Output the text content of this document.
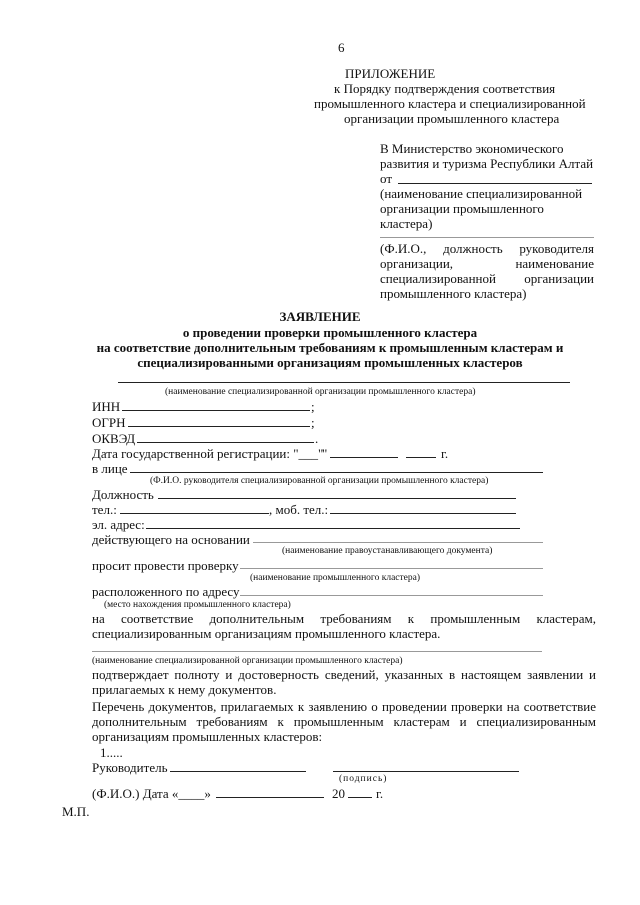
6
ПРИЛОЖЕНИЕ
к Порядку подтверждения соответствия
промышленного кластера и специализированной
организации промышленного кластера
В Министерство экономического
развития и туризма Республики Алтай
от
(наименование специализированной
организации промышленного
кластера)
(Ф.И.О., должность руководителя
организации,	наименование
специализированной организации
промышленного кластера)
ЗАЯВЛЕНИЕ
о проведении проверки промышленного кластера
на соответствие дополнительным требованиям к промышленным кластерам и
специализированными организациям промышленных кластеров
(наименование специализированной организации промышленного кластера)
ИНН	;
ОГРН	;
ОКВЭД	.
Дата государственной регистрации: "___"
"	г.
в лице
(Ф.И.О. руководителя специализированной организации промышленного кластера)
Должность
тел.:	, моб. тел.:
эл. адрес:
действующего на основании
(наименование правоустанавливающего документа)
просит провести проверку
(наименование промышленного кластера)
расположенного по адресу
(место нахождения промышленного кластера)
на соответствие дополнительным требованиям к промышленным кластерам,
специализированным организациям промышленного кластера.
(наименование специализированной организации промышленного кластера)
подтверждает полноту и достоверность сведений, указанных в настоящем заявлении и прилагаемых к нему документов.
Перечень документов, прилагаемых к заявлению о проведении проверки на соответствие дополнительным требованиям к промышленным кластерам и специализированным организациям промышленных кластеров:
1.....
Руководитель
(подпись)
(Ф.И.О.) Дата «____»	20 г.
М.П.
